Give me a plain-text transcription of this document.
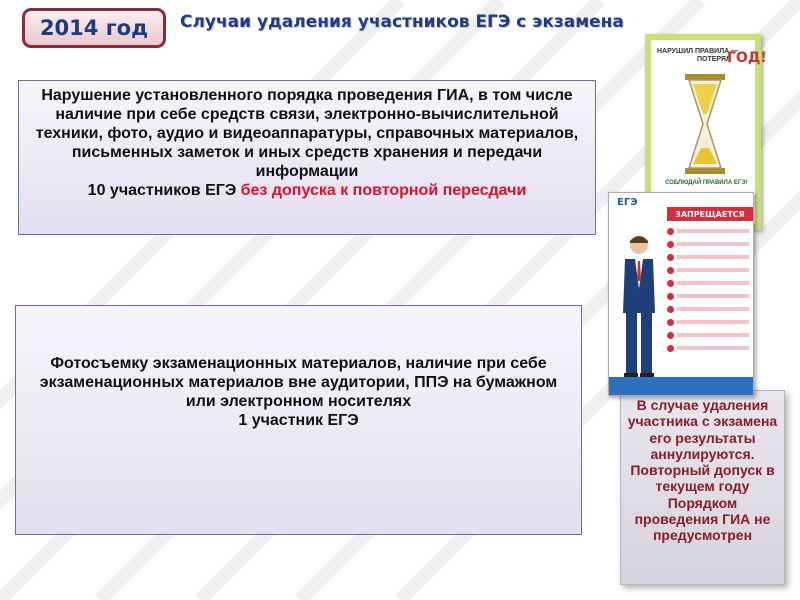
2014 год	Случаи удаления участников ЕГЭ с экзамена
Нарушение установленного порядка проведения ГИА, в том числе наличие при себе средств связи, электронно-вычислительной техники, фото, аудио и видеоаппаратуры, справочных материалов, письменных заметок и иных средств хранения и передачи информации
10 участников ЕГЭ без допуска к повторной пересдачи
Фотосъемку экзаменационных материалов, наличие при себе экзаменационных материалов вне аудитории, ППЭ на бумажном или электронном носителях
1 участник ЕГЭ
НАРУШИЛ ПРАВИЛА —
ПОТЕРЯЛ
ГОД!
СОБЛЮДАЙ ПРАВИЛА ЕГЭ!
ЕГЭ
ЗАПРЕЩАЕТСЯ
В случае удаления участника с экзамена его результаты аннулируются. Повторный допуск в текущем году Порядком проведения ГИА не предусмотрен
